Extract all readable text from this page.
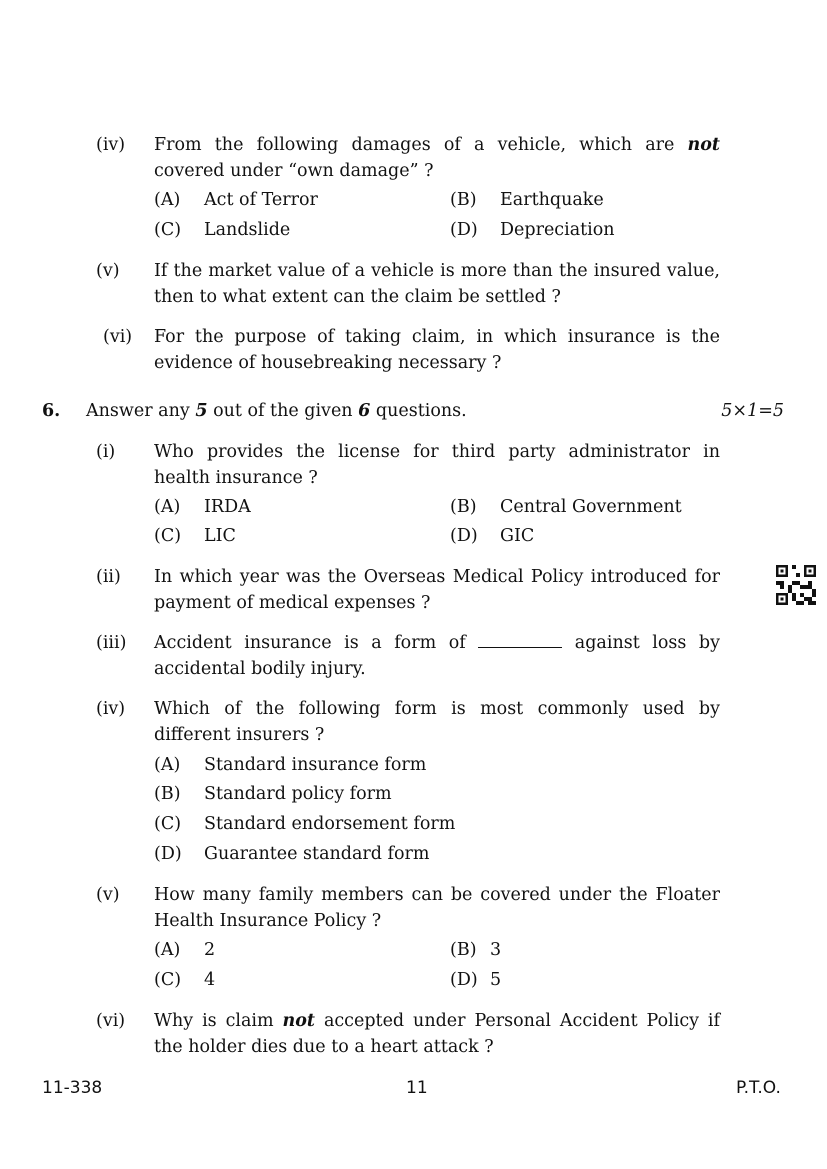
(iv)	From the following damages of a vehicle, which are not covered under “own damage” ?
(A) Act of Terror	(B) Earthquake
(C) Landslide	(D) Depreciation
(v)	If the market value of a vehicle is more than the insured value, then to what extent can the claim be settled ?
(vi)	For the purpose of taking claim, in which insurance is the evidence of housebreaking necessary ?
6. Answer any 5 out of the given 6 questions.	5×1=5
(i)	Who provides the license for third party administrator in health insurance ?
(A) IRDA	(B) Central Government
(C) LIC	(D) GIC
(ii)	In which year was the Overseas Medical Policy introduced for payment of medical expenses ?
(iii)	Accident insurance is a form of	against loss by accidental bodily injury.
(iv)	Which of the following form is most commonly used by different insurers ?
(A) Standard insurance form
(B) Standard policy form
(C) Standard endorsement form
(D) Guarantee standard form
(v)	How many family members can be covered under the Floater Health Insurance Policy ?
(A) 2	(B) 3
(C) 4	(D) 5
(vi)	Why is claim not accepted under Personal Accident Policy if the holder dies due to a heart attack ?
11-338	11	P.T.O.
